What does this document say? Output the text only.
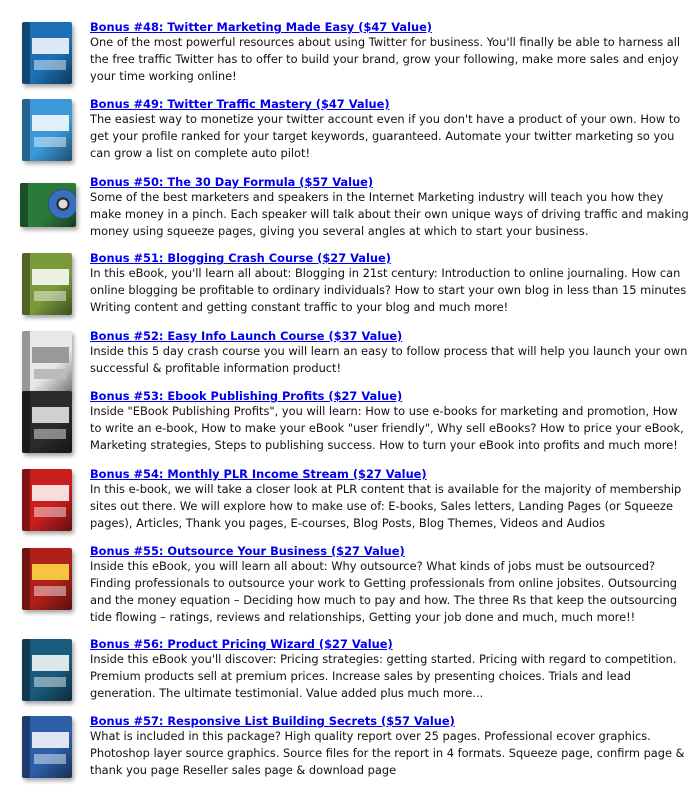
Bonus #48: Twitter Marketing Made Easy ($47 Value)

One of the most powerful resources about using Twitter for business. You'll finally be able to harness all the free traffic Twitter has to offer to build your brand, grow your following, make more sales and enjoy your time working online!

Bonus #49: Twitter Traffic Mastery ($47 Value)

The easiest way to monetize your twitter account even if you don't have a product of your own. How to get your profile ranked for your target keywords, guaranteed. Automate your twitter marketing so you can grow a list on complete auto pilot!

Bonus #50: The 30 Day Formula ($57 Value)

Some of the best marketers and speakers in the Internet Marketing industry will teach you how they make money in a pinch. Each speaker will talk about their own unique ways of driving traffic and making money using squeeze pages, giving you several angles at which to start your business.

Bonus #51: Blogging Crash Course ($27 Value)

In this eBook, you'll learn all about: Blogging in 21st century: Introduction to online journaling. How can online blogging be profitable to ordinary individuals? How to start your own blog in less than 15 minutes Writing content and getting constant traffic to your blog and much more!

Bonus #52: Easy Info Launch Course ($37 Value)

Inside this 5 day crash course you will learn an easy to follow process that will help you launch your own successful & profitable information product!

Bonus #53: Ebook Publishing Profits ($27 Value)

Inside "EBook Publishing Profits", you will learn: How to use e-books for marketing and promotion, How to write an e-book, How to make your eBook "user friendly", Why sell eBooks? How to price your eBook, Marketing strategies, Steps to publishing success. How to turn your eBook into profits and much more!

Bonus #54: Monthly PLR Income Stream ($27 Value)

In this e-book, we will take a closer look at PLR content that is available for the majority of membership sites out there. We will explore how to make use of: E-books, Sales letters, Landing Pages (or Squeeze pages), Articles, Thank you pages, E-courses, Blog Posts, Blog Themes, Videos and Audios

Bonus #55: Outsource Your Business ($27 Value)

Inside this eBook, you will learn all about: Why outsource? What kinds of jobs must be outsourced? Finding professionals to outsource your work to Getting professionals from online jobsites. Outsourcing and the money equation – Deciding how much to pay and how. The three Rs that keep the outsourcing tide flowing – ratings, reviews and relationships, Getting your job done and much, much more!!

Bonus #56: Product Pricing Wizard ($27 Value)

Inside this eBook you'll discover: Pricing strategies: getting started. Pricing with regard to competition. Premium products sell at premium prices. Increase sales by presenting choices. Trials and lead generation. The ultimate testimonial. Value added plus much more...

Bonus #57: Responsive List Building Secrets ($57 Value)

What is included in this package? High quality report over 25 pages. Professional ecover graphics. Photoshop layer source graphics. Source files for the report in 4 formats. Squeeze page, confirm page & thank you page Reseller sales page & download page
